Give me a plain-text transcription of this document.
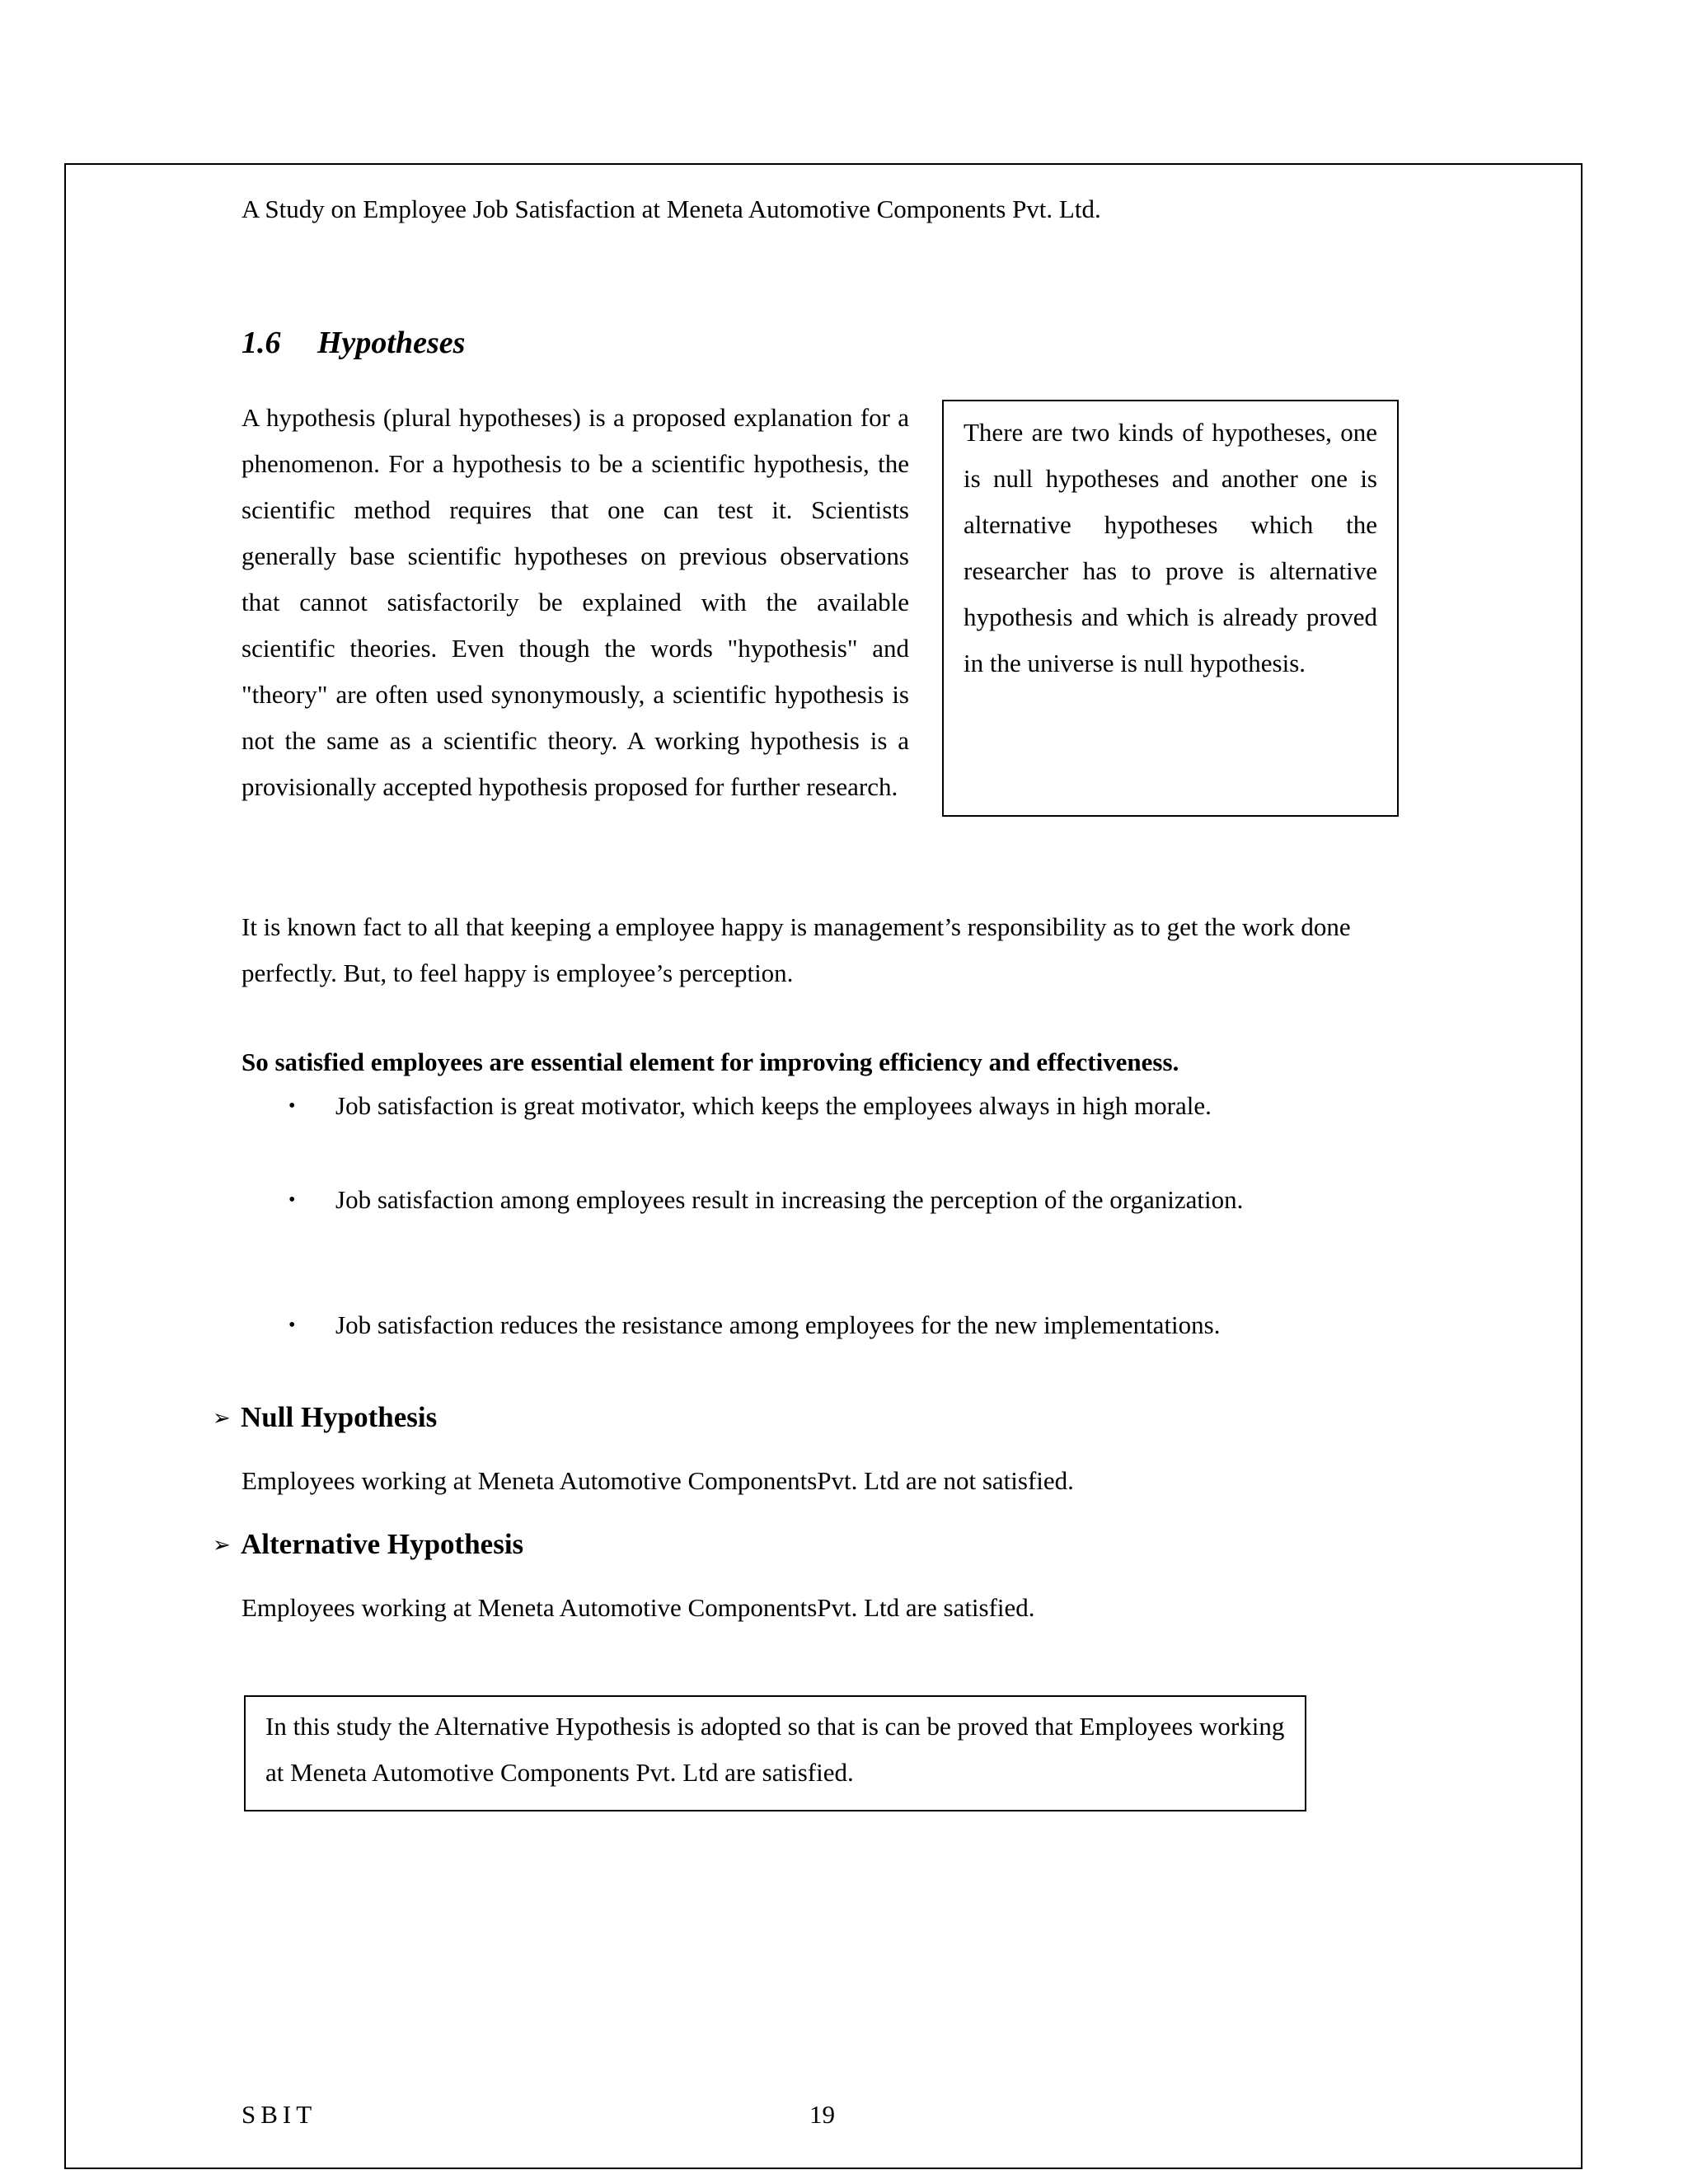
A Study on Employee Job Satisfaction at Meneta Automotive Components Pvt. Ltd.
1.6 Hypotheses
A hypothesis (plural hypotheses) is a proposed explanation for a phenomenon. For a hypothesis to be a scientific hypothesis, the scientific method requires that one can test it. Scientists generally base scientific hypotheses on previous observations that cannot satisfactorily be explained with the available scientific theories. Even though the words "hypothesis" and "theory" are often used synonymously, a scientific hypothesis is not the same as a scientific theory. A working hypothesis is a provisionally accepted hypothesis proposed for further research.
There are two kinds of hypotheses, one is null hypotheses and another one is alternative hypotheses which the researcher has to prove is alternative hypothesis and which is already proved in the universe is null hypothesis.
It is known fact to all that keeping a employee happy is management’s responsibility as to get the work done perfectly. But, to feel happy is employee’s perception.
So satisfied employees are essential element for improving efficiency and effectiveness.
• Job satisfaction is great motivator, which keeps the employees always in high morale.
• Job satisfaction among employees result in increasing the perception of the organization.
• Job satisfaction reduces the resistance among employees for the new implementations.
➢ Null Hypothesis
Employees working at Meneta Automotive ComponentsPvt. Ltd are not satisfied.
➢ Alternative Hypothesis
Employees working at Meneta Automotive ComponentsPvt. Ltd are satisfied.
In this study the Alternative Hypothesis is adopted so that is can be proved that Employees working at Meneta Automotive Components Pvt. Ltd are satisfied.
SBIT	19
